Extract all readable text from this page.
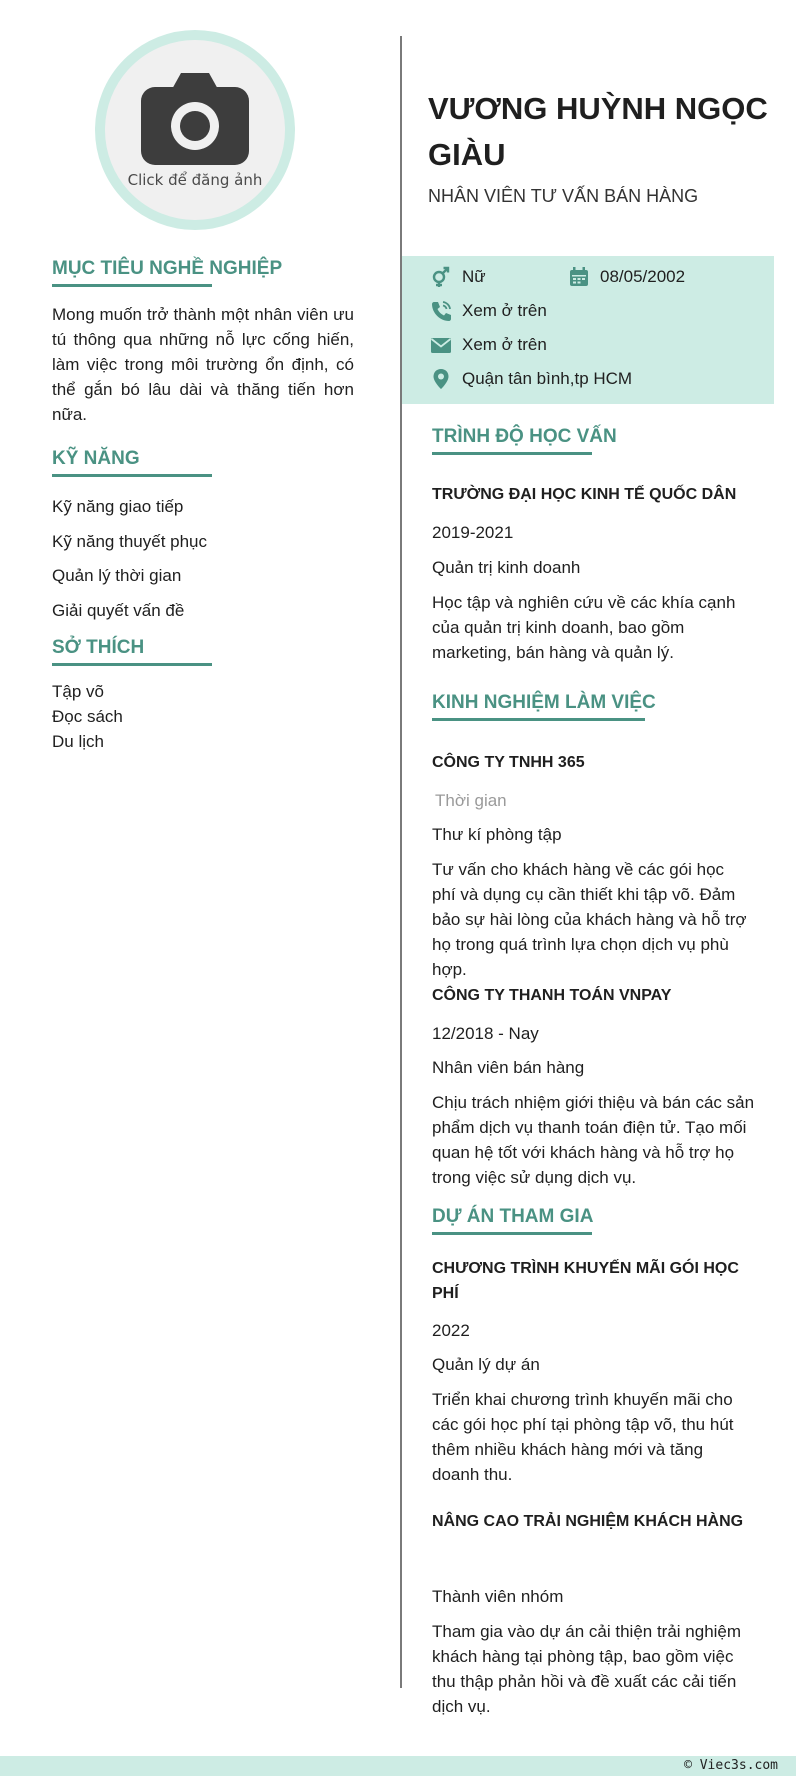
Click để đăng ảnh
MỤC TIÊU NGHỀ NGHIỆP
Mong muốn trở thành một nhân viên ưu tú thông qua những nỗ lực cống hiến, làm việc trong môi trường ổn định, có thể gắn bó lâu dài và thăng tiến hơn nữa.
KỸ NĂNG
Kỹ năng giao tiếp
Kỹ năng thuyết phục
Quản lý thời gian
Giải quyết vấn đề
SỞ THÍCH
Tập võ
Đọc sách
Du lịch
VƯƠNG HUỲNH NGỌC GIÀU
NHÂN VIÊN TƯ VẤN BÁN HÀNG
Nữ	08/05/2002
Xem ở trên
Xem ở trên
Quận tân bình,tp HCM
TRÌNH ĐỘ HỌC VẤN
TRƯỜNG ĐẠI HỌC KINH TẾ QUỐC DÂN
2019-2021
Quản trị kinh doanh
Học tập và nghiên cứu về các khía cạnh của quản trị kinh doanh, bao gồm marketing, bán hàng và quản lý.
KINH NGHIỆM LÀM VIỆC
CÔNG TY TNHH 365
Thời gian
Thư kí phòng tập
Tư vấn cho khách hàng về các gói học phí và dụng cụ cần thiết khi tập võ. Đảm bảo sự hài lòng của khách hàng và hỗ trợ họ trong quá trình lựa chọn dịch vụ phù hợp.
CÔNG TY THANH TOÁN VNPAY
12/2018 - Nay
Nhân viên bán hàng
Chịu trách nhiệm giới thiệu và bán các sản phẩm dịch vụ thanh toán điện tử. Tạo mối quan hệ tốt với khách hàng và hỗ trợ họ trong việc sử dụng dịch vụ.
DỰ ÁN THAM GIA
CHƯƠNG TRÌNH KHUYẾN MÃI GÓI HỌC PHÍ
2022
Quản lý dự án
Triển khai chương trình khuyến mãi cho các gói học phí tại phòng tập võ, thu hút thêm nhiều khách hàng mới và tăng doanh thu.
NÂNG CAO TRẢI NGHIỆM KHÁCH HÀNG
Thành viên nhóm
Tham gia vào dự án cải thiện trải nghiệm khách hàng tại phòng tập, bao gồm việc thu thập phản hồi và đề xuất các cải tiến dịch vụ.
© Viec3s.com
